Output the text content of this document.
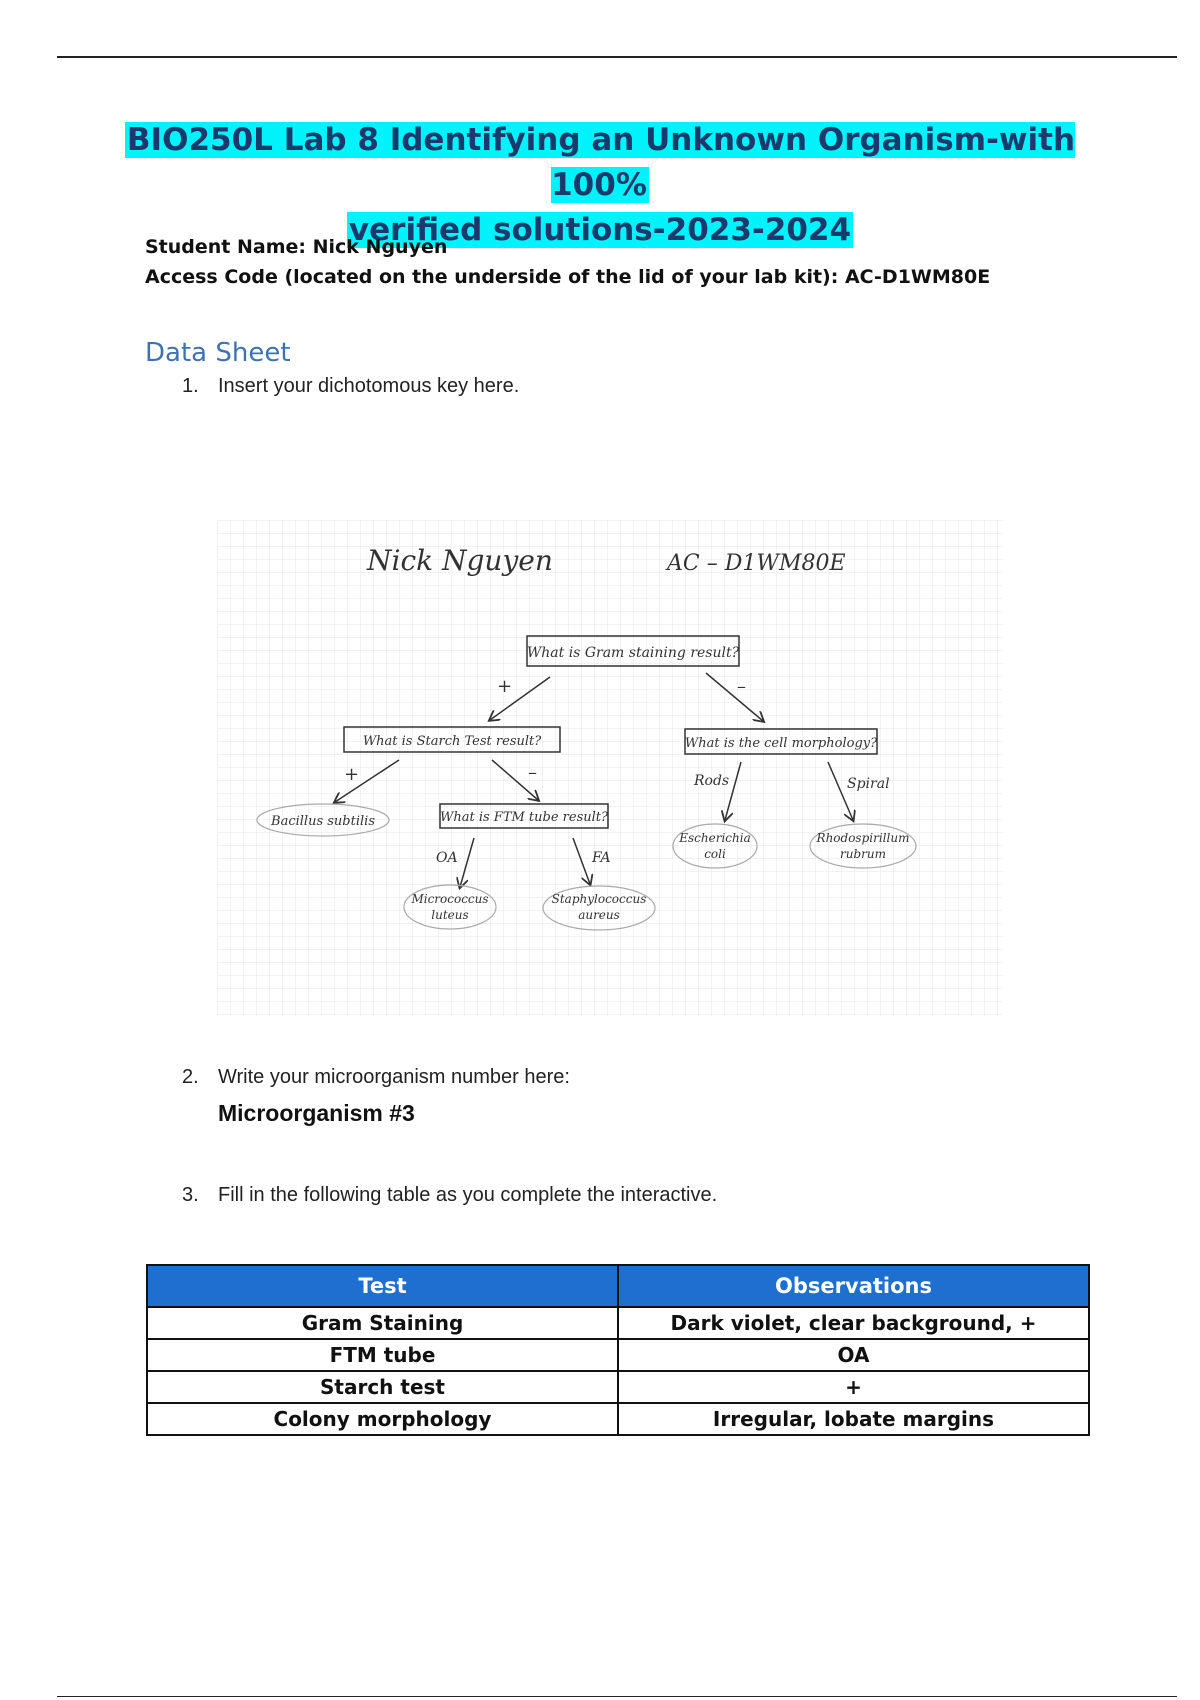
BIO250L Lab 8 Identifying an Unknown Organism-with 100%
verified solutions-2023-2024
Student Name: Nick Nguyen
Access Code (located on the underside of the lid of your lab kit): AC-D1WM80E
Data Sheet
1. Insert your dichotomous key here.
Nick Nguyen	AC – D1WM80E
What is Gram staining result?
+	–
What is Starch Test result?	What is the cell morphology?
+	–
Bacillus subtilis	What is FTM tube result?
OA	FA
Micrococcus
luteus
Staphylococcus
aureus
Rods	Spiral
Escherichia
coli
Rhodospirillum
rubrum
2. Write your microorganism number here:
Microorganism #3
3. Fill in the following table as you complete the interactive.
Test	Observations
Gram Staining	Dark violet, clear background, +
FTM tube	OA
Starch test	+
Colony morphology	Irregular, lobate margins
